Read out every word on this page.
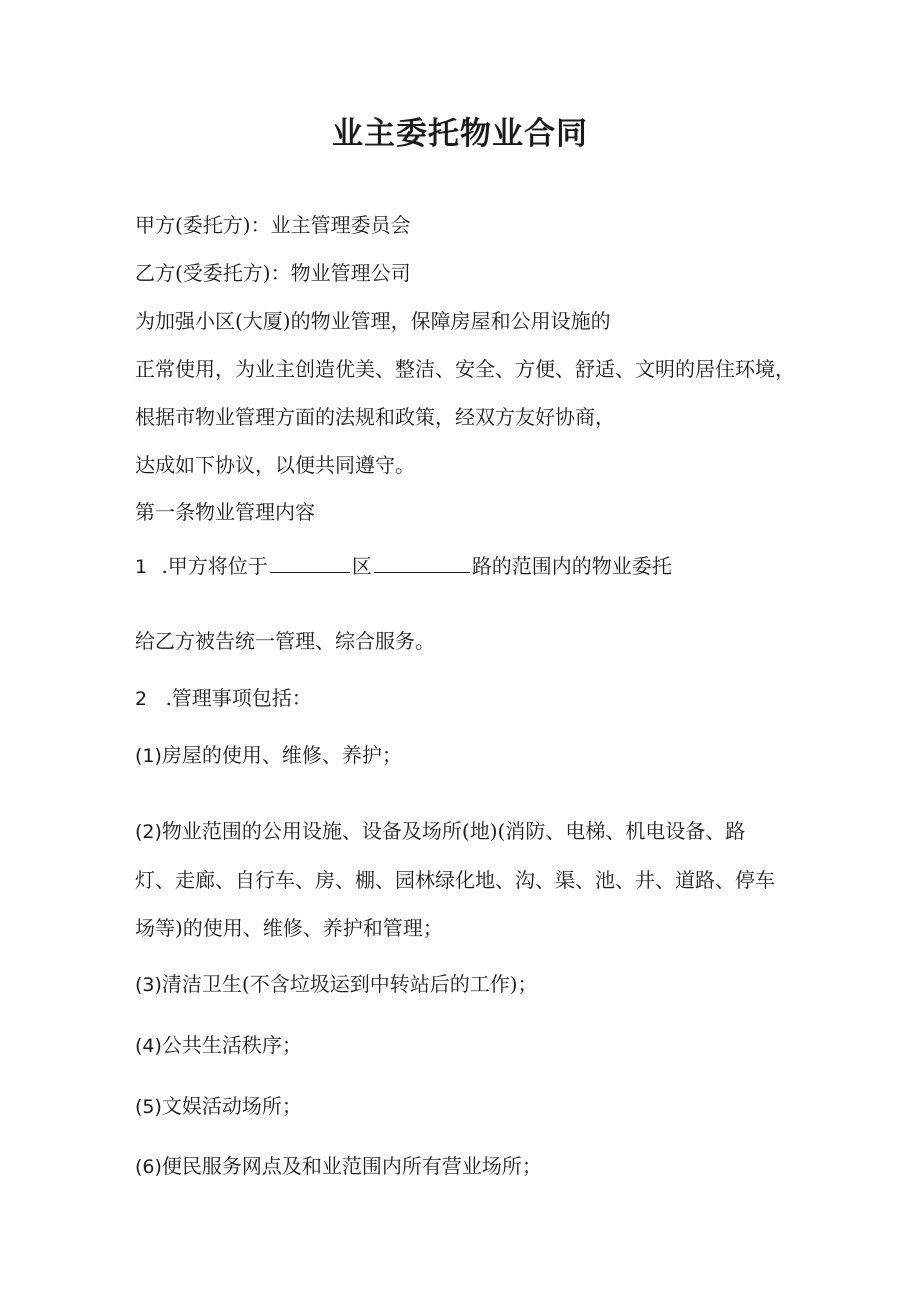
业主委托物业合同
甲方(委托方)：业主管理委员会
乙方(受委托方)：物业管理公司
为加强小区(大厦)的物业管理，保障房屋和公用设施的
正常使用，为业主创造优美、整洁、安全、方便、舒适、文明的居住环境，
根据市物业管理方面的法规和政策，经双方友好协商，
达成如下协议，以便共同遵守。
第一条物业管理内容
1 .甲方将位于	区	路的范围内的物业委托
给乙方被告统一管理、综合服务。
2 .管理事项包括：
(1)房屋的使用、维修、养护；
(2)物业范围的公用设施、设备及场所(地)(消防、电梯、机电设备、路
灯、走廊、自行车、房、棚、园林绿化地、沟、渠、池、井、道路、停车
场等)的使用、维修、养护和管理；
(3)清洁卫生(不含垃圾运到中转站后的工作)；
(4)公共生活秩序；
(5)文娱活动场所；
(6)便民服务网点及和业范围内所有营业场所；
